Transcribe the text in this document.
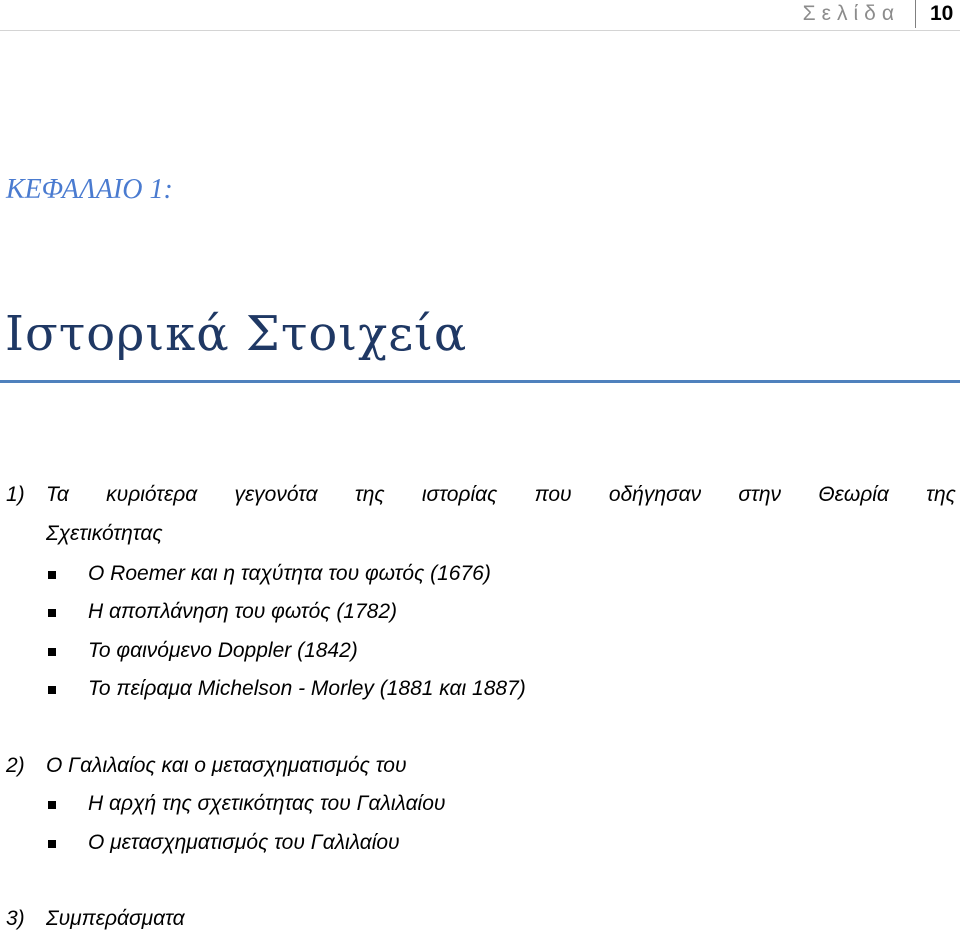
Σελίδα 10
ΚΕΦΑΛΑΙΟ 1:
Ιστορικά Στοιχεία
1) Τα κυριότερα γεγονότα της ιστορίας που οδήγησαν στην Θεωρία της
Σχετικότητας
Ο Roemer και η ταχύτητα του φωτός (1676)
Η αποπλάνηση του φωτός (1782)
Το φαινόμενο Doppler (1842)
Το πείραμα Michelson - Morley (1881 και 1887)
2) Ο Γαλιλαίος και ο μετασχηματισμός του
Η αρχή της σχετικότητας του Γαλιλαίου
Ο μετασχηματισμός του Γαλιλαίου
3) Συμπεράσματα
